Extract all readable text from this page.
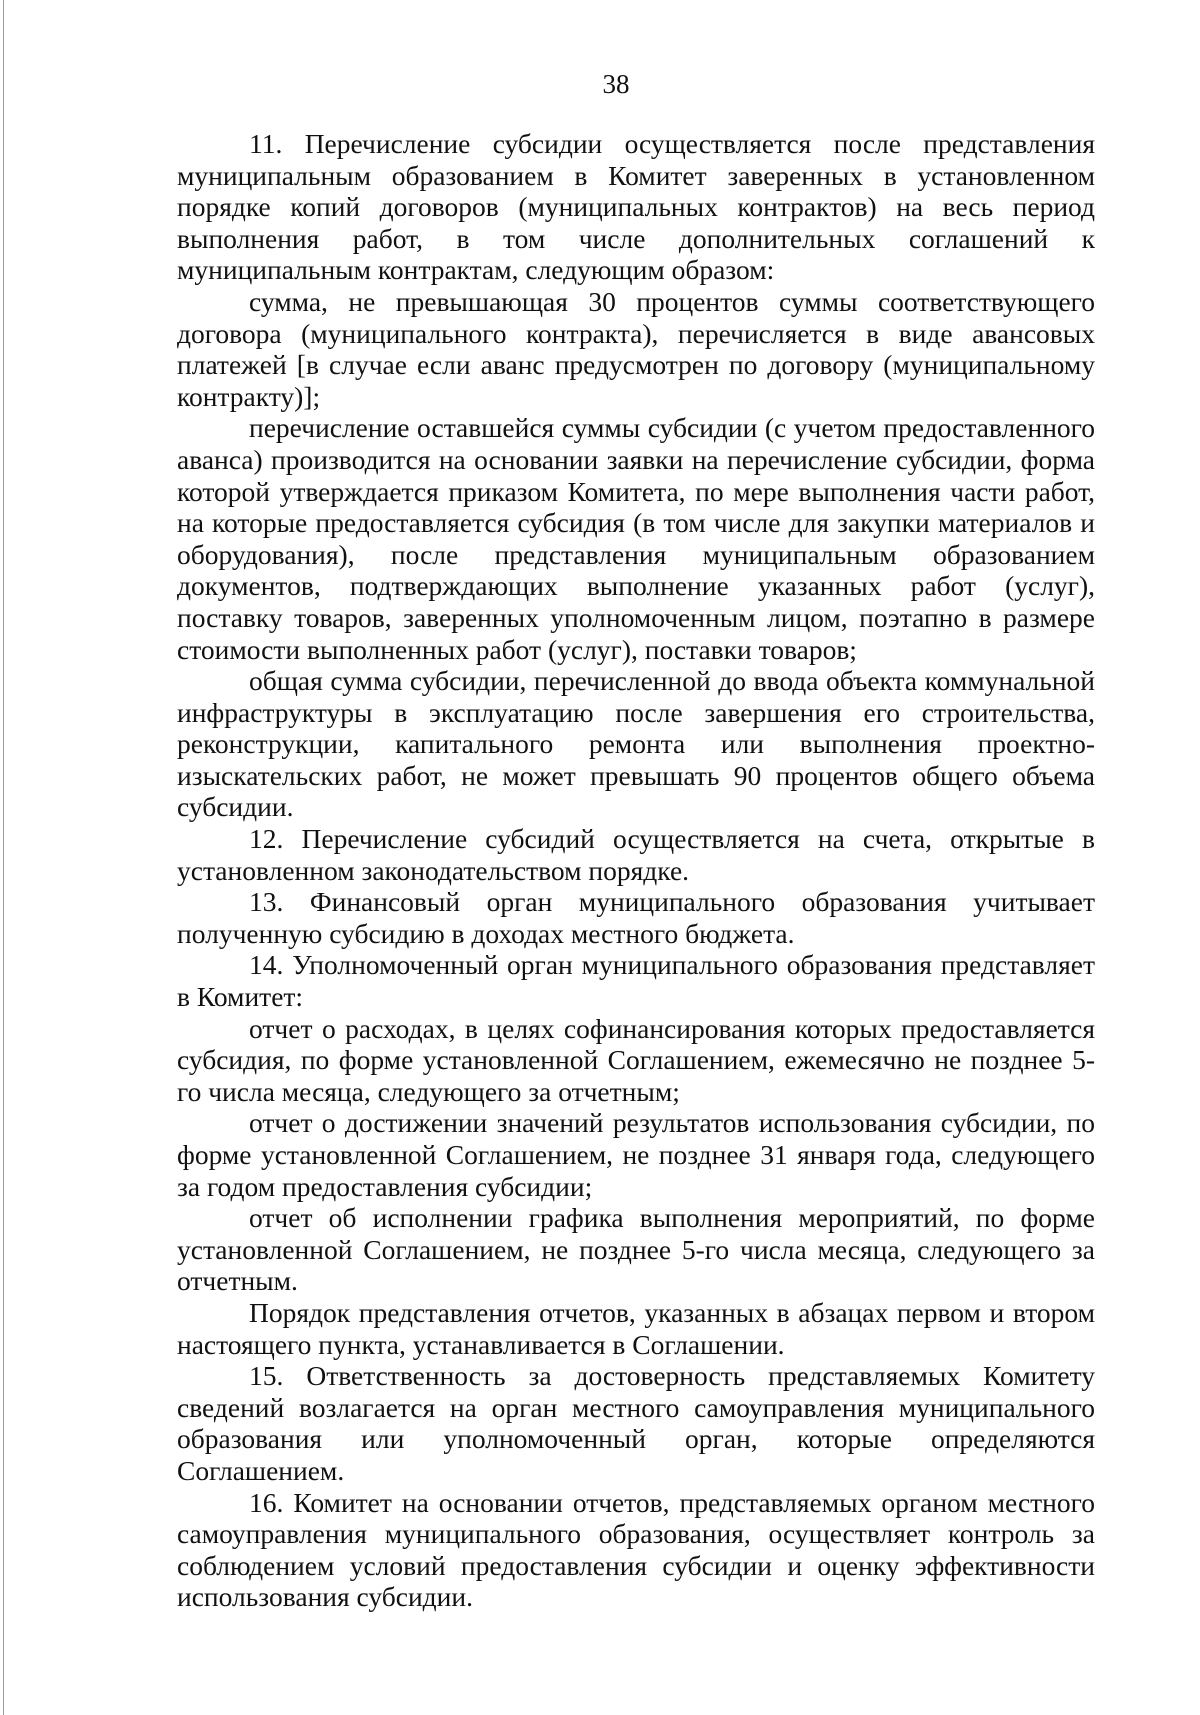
38

11. Перечисление субсидии осуществляется после представления муниципальным образованием в Комитет заверенных в установленном порядке копий договоров (муниципальных контрактов) на весь период выполнения работ, в том числе дополнительных соглашений к муниципальным контрактам, следующим образом:

сумма, не превышающая 30 процентов суммы соответствующего договора (муниципального контракта), перечисляется в виде авансовых платежей [в случае если аванс предусмотрен по договору (муниципальному контракту)];

перечисление оставшейся суммы субсидии (с учетом предоставленного аванса) производится на основании заявки на перечисление субсидии, форма которой утверждается приказом Комитета, по мере выполнения части работ, на которые предоставляется субсидия (в том числе для закупки материалов и оборудования), после представления муниципальным образованием документов, подтверждающих выполнение указанных работ (услуг), поставку товаров, заверенных уполномоченным лицом, поэтапно в размере стоимости выполненных работ (услуг), поставки товаров;

общая сумма субсидии, перечисленной до ввода объекта коммунальной инфраструктуры в эксплуатацию после завершения его строительства, реконструкции, капитального ремонта или выполнения проектно-изыскательских работ, не может превышать 90 процентов общего объема субсидии.

12. Перечисление субсидий осуществляется на счета, открытые в установленном законодательством порядке.

13. Финансовый орган муниципального образования учитывает полученную субсидию в доходах местного бюджета.

14. Уполномоченный орган муниципального образования представляет в Комитет:

отчет о расходах, в целях софинансирования которых предоставляется субсидия, по форме установленной Соглашением, ежемесячно не позднее 5-го числа месяца, следующего за отчетным;

отчет о достижении значений результатов использования субсидии, по форме установленной Соглашением, не позднее 31 января года, следующего за годом предоставления субсидии;

отчет об исполнении графика выполнения мероприятий, по форме установленной Соглашением, не позднее 5-го числа месяца, следующего за отчетным.

Порядок представления отчетов, указанных в абзацах первом и втором настоящего пункта, устанавливается в Соглашении.

15. Ответственность за достоверность представляемых Комитету сведений возлагается на орган местного самоуправления муниципального образования или уполномоченный орган, которые определяются Соглашением.

16. Комитет на основании отчетов, представляемых органом местного самоуправления муниципального образования, осуществляет контроль за соблюдением условий предоставления субсидии и оценку эффективности использования субсидии.
